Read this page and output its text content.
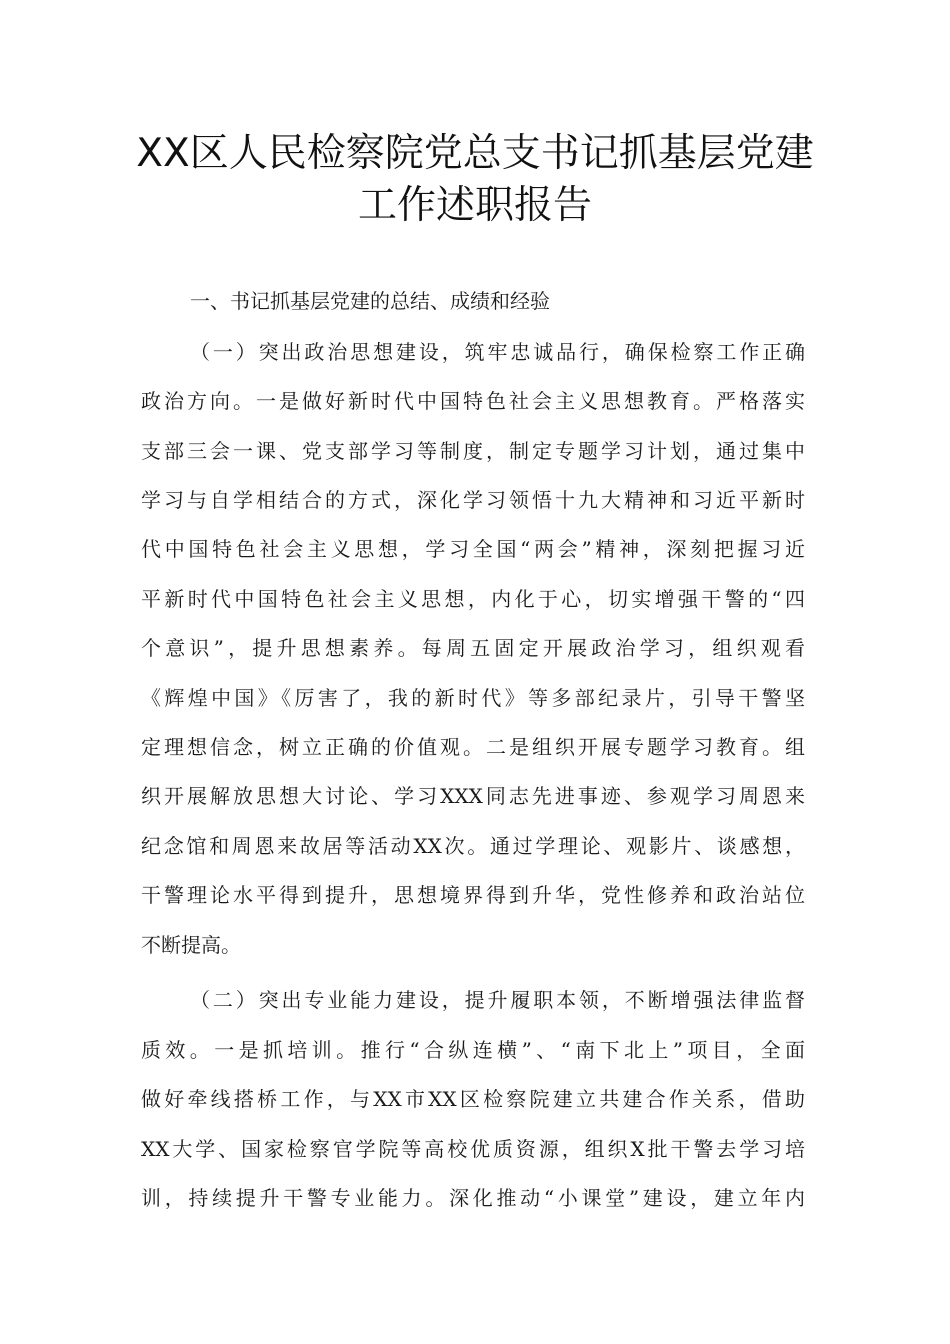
XX区人民检察院党总支书记抓基层党建
工作述职报告
一、书记抓基层党建的总结、成绩和经验
（一）突出政治思想建设，筑牢忠诚品行，确保检察工作正确
政治方向。一是做好新时代中国特色社会主义思想教育。严格落实
支部三会一课、党支部学习等制度，制定专题学习计划，通过集中
学习与自学相结合的方式，深化学习领悟十九大精神和习近平新时
代中国特色社会主义思想，学习全国“两会”精神，深刻把握习近
平新时代中国特色社会主义思想，内化于心，切实增强干警的“四
个意识”，提升思想素养。每周五固定开展政治学习，组织观看
《辉煌中国》《厉害了，我的新时代》等多部纪录片，引导干警坚
定理想信念，树立正确的价值观。二是组织开展专题学习教育。组
织开展解放思想大讨论、学习XXX同志先进事迹、参观学习周恩来
纪念馆和周恩来故居等活动XX次。通过学理论、观影片、谈感想，
干警理论水平得到提升，思想境界得到升华，党性修养和政治站位
不断提高。
（二）突出专业能力建设，提升履职本领，不断增强法律监督
质效。一是抓培训。推行“合纵连横”、“南下北上”项目，全面
做好牵线搭桥工作，与XX市XX区检察院建立共建合作关系，借助
XX大学、国家检察官学院等高校优质资源，组织X批干警去学习培
训，持续提升干警专业能力。深化推动“小课堂”建设，建立年内
